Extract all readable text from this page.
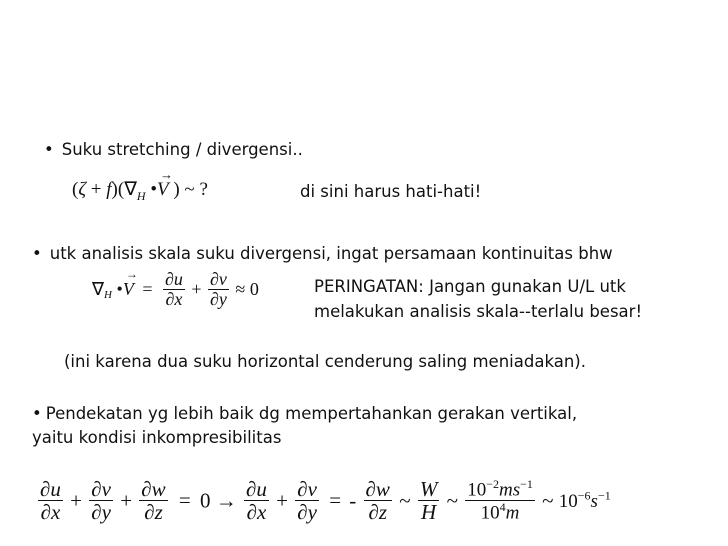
• Suku stretching / divergensi..
$(\zeta + f)(\nabla_H$ •
→
V ) ~ ?	di sini harus hati-hati!
• utk analisis skala suku divergensi, ingat persamaan kontinuitas bhw
$\nabla_H$ •
→
$V = \frac{\partial u}{\partial x} + \frac{\partial v}{\partial y} \approx 0$	PERINGATAN: Jangan gunakan U/L utk
melakukan analisis skala--terlalu besar!
(ini karena dua suku horizontal cenderung saling meniadakan).
• Pendekatan yg lebih baik dg mempertahankan gerakan vertikal,
yaitu kondisi inkompresibilitas
$\frac{\partial u}{\partial x} + \frac{\partial v}{\partial y} + \frac{\partial w}{\partial z} = 0 \to \frac{\partial u}{\partial x} + \frac{\partial v}{\partial y}$ = - $\frac{\partial w}{\partial z}$ ~ $\frac{W}{H}$ ~ $\frac{10^{-2}ms^{-1}}{10^4m}$ ~ $10^{-6}s^{-1}$
